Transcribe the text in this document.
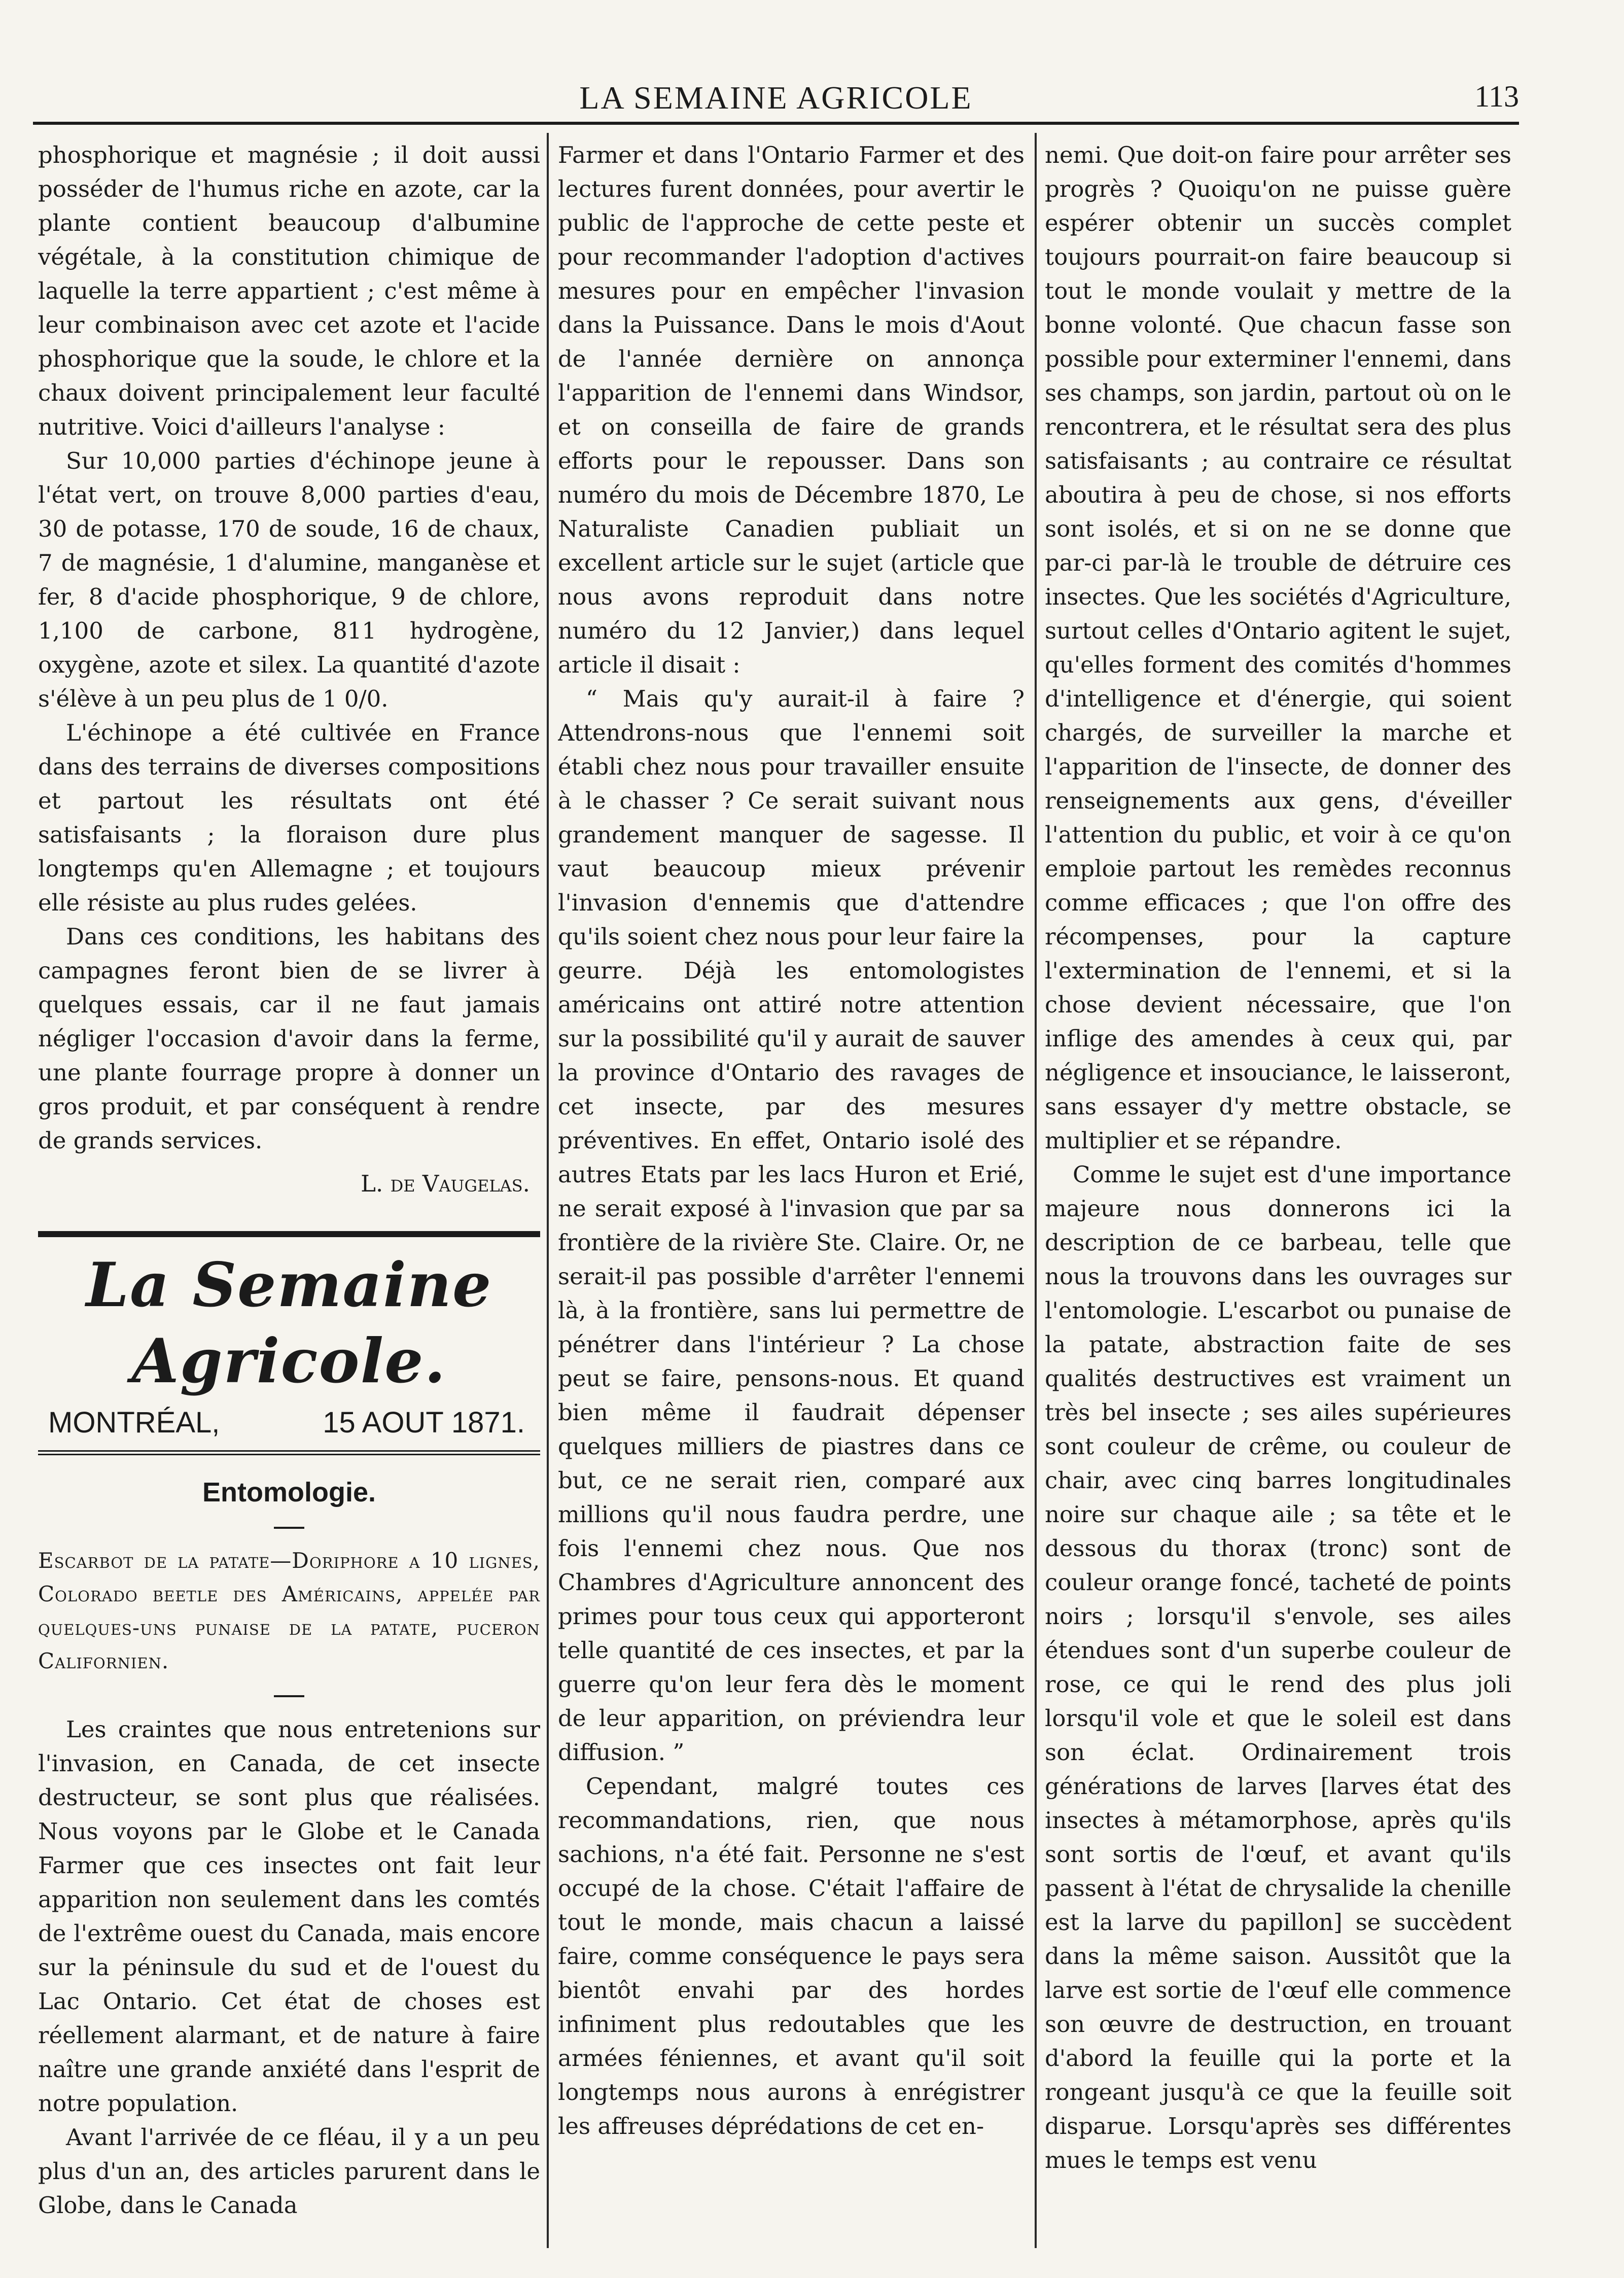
LA SEMAINE AGRICOLE	113

phosphorique et magnésie ; il doit aussi posséder de l'humus riche en azote, car la plante contient beaucoup d'albumine végétale, à la constitution chimique de laquelle la terre appartient ; c'est même à leur combinaison avec cet azote et l'acide phosphorique que la soude, le chlore et la chaux doivent principalement leur faculté nutritive. Voici d'ailleurs l'analyse :

Sur 10,000 parties d'échinope jeune à l'état vert, on trouve 8,000 parties d'eau, 30 de potasse, 170 de soude, 16 de chaux, 7 de magnésie, 1 d'alumine, manganèse et fer, 8 d'acide phosphorique, 9 de chlore, 1,100 de carbone, 811 hydrogène, oxygène, azote et silex. La quantité d'azote s'élève à un peu plus de 1 0/0.

L'échinope a été cultivée en France dans des terrains de diverses compositions et partout les résultats ont été satisfaisants ; la floraison dure plus longtemps qu'en Allemagne ; et toujours elle résiste au plus rudes gelées.

Dans ces conditions, les habitans des campagnes feront bien de se livrer à quelques essais, car il ne faut jamais négliger l'occasion d'avoir dans la ferme, une plante fourrage propre à donner un gros produit, et par conséquent à rendre de grands services.

L. de Vaugelas.

La Semaine Agricole.
MONTRÉAL,	15 AOUT 1871.
Entomologie.

Escarbot de la patate—Doriphore a 10 lignes, Colorado beetle des Américains, appelée par quelques-uns punaise de la patate, puceron Californien.

Les craintes que nous entretenions sur l'invasion, en Canada, de cet insecte destructeur, se sont plus que réalisées. Nous voyons par le Globe et le Canada Farmer que ces insectes ont fait leur apparition non seulement dans les comtés de l'extrême ouest du Canada, mais encore sur la péninsule du sud et de l'ouest du Lac Ontario. Cet état de choses est réellement alarmant, et de nature à faire naître une grande anxiété dans l'esprit de notre population.

Avant l'arrivée de ce fléau, il y a un peu plus d'un an, des articles parurent dans le Globe, dans le Canada

Farmer et dans l'Ontario Farmer et des lectures furent données, pour avertir le public de l'approche de cette peste et pour recommander l'adoption d'actives mesures pour en empêcher l'invasion dans la Puissance. Dans le mois d'Aout de l'année dernière on annonça l'apparition de l'ennemi dans Windsor, et on conseilla de faire de grands efforts pour le repousser. Dans son numéro du mois de Décembre 1870, Le Naturaliste Canadien publiait un excellent article sur le sujet (article que nous avons reproduit dans notre numéro du 12 Janvier,) dans lequel article il disait :

“ Mais qu'y aurait-il à faire ? Attendrons-nous que l'ennemi soit établi chez nous pour travailler ensuite à le chasser ? Ce serait suivant nous grandement manquer de sagesse. Il vaut beaucoup mieux prévenir l'invasion d'ennemis que d'attendre qu'ils soient chez nous pour leur faire la geurre. Déjà les entomologistes américains ont attiré notre attention sur la possibilité qu'il y aurait de sauver la province d'Ontario des ravages de cet insecte, par des mesures préventives. En effet, Ontario isolé des autres Etats par les lacs Huron et Erié, ne serait exposé à l'invasion que par sa frontière de la rivière Ste. Claire. Or, ne serait-il pas possible d'arrêter l'ennemi là, à la frontière, sans lui permettre de pénétrer dans l'intérieur ? La chose peut se faire, pensons-nous. Et quand bien même il faudrait dépenser quelques milliers de piastres dans ce but, ce ne serait rien, comparé aux millions qu'il nous faudra perdre, une fois l'ennemi chez nous. Que nos Chambres d'Agriculture annoncent des primes pour tous ceux qui apporteront telle quantité de ces insectes, et par la guerre qu'on leur fera dès le moment de leur apparition, on préviendra leur diffusion. ”

Cependant, malgré toutes ces recommandations, rien, que nous sachions, n'a été fait. Personne ne s'est occupé de la chose. C'était l'affaire de tout le monde, mais chacun a laissé faire, comme conséquence le pays sera bientôt envahi par des hordes infiniment plus redoutables que les armées féniennes, et avant qu'il soit longtemps nous aurons à enrégistrer les affreuses déprédations de cet en-

nemi. Que doit-on faire pour arrêter ses progrès ? Quoiqu'on ne puisse guère espérer obtenir un succès complet toujours pourrait-on faire beaucoup si tout le monde voulait y mettre de la bonne volonté. Que chacun fasse son possible pour exterminer l'ennemi, dans ses champs, son jardin, partout où on le rencontrera, et le résultat sera des plus satisfaisants ; au contraire ce résultat aboutira à peu de chose, si nos efforts sont isolés, et si on ne se donne que par-ci par-là le trouble de détruire ces insectes. Que les sociétés d'Agriculture, surtout celles d'Ontario agitent le sujet, qu'elles forment des comités d'hommes d'intelligence et d'énergie, qui soient chargés, de surveiller la marche et l'apparition de l'insecte, de donner des renseignements aux gens, d'éveiller l'attention du public, et voir à ce qu'on emploie partout les remèdes reconnus comme efficaces ; que l'on offre des récompenses, pour la capture l'extermination de l'ennemi, et si la chose devient nécessaire, que l'on inflige des amendes à ceux qui, par négligence et insouciance, le laisseront, sans essayer d'y mettre obstacle, se multiplier et se répandre.

Comme le sujet est d'une importance majeure nous donnerons ici la description de ce barbeau, telle que nous la trouvons dans les ouvrages sur l'entomologie. L'escarbot ou punaise de la patate, abstraction faite de ses qualités destructives est vraiment un très bel insecte ; ses ailes supérieures sont couleur de crême, ou couleur de chair, avec cinq barres longitudinales noire sur chaque aile ; sa tête et le dessous du thorax (tronc) sont de couleur orange foncé, tacheté de points noirs ; lorsqu'il s'envole, ses ailes étendues sont d'un superbe couleur de rose, ce qui le rend des plus joli lorsqu'il vole et que le soleil est dans son éclat. Ordinairement trois générations de larves [larves état des insectes à métamorphose, après qu'ils sont sortis de l'œuf, et avant qu'ils passent à l'état de chrysalide la chenille est la larve du papillon] se succèdent dans la même saison. Aussitôt que la larve est sortie de l'œuf elle commence son œuvre de destruction, en trouant d'abord la feuille qui la porte et la rongeant jusqu'à ce que la feuille soit disparue. Lorsqu'après ses différentes mues le temps est venu
